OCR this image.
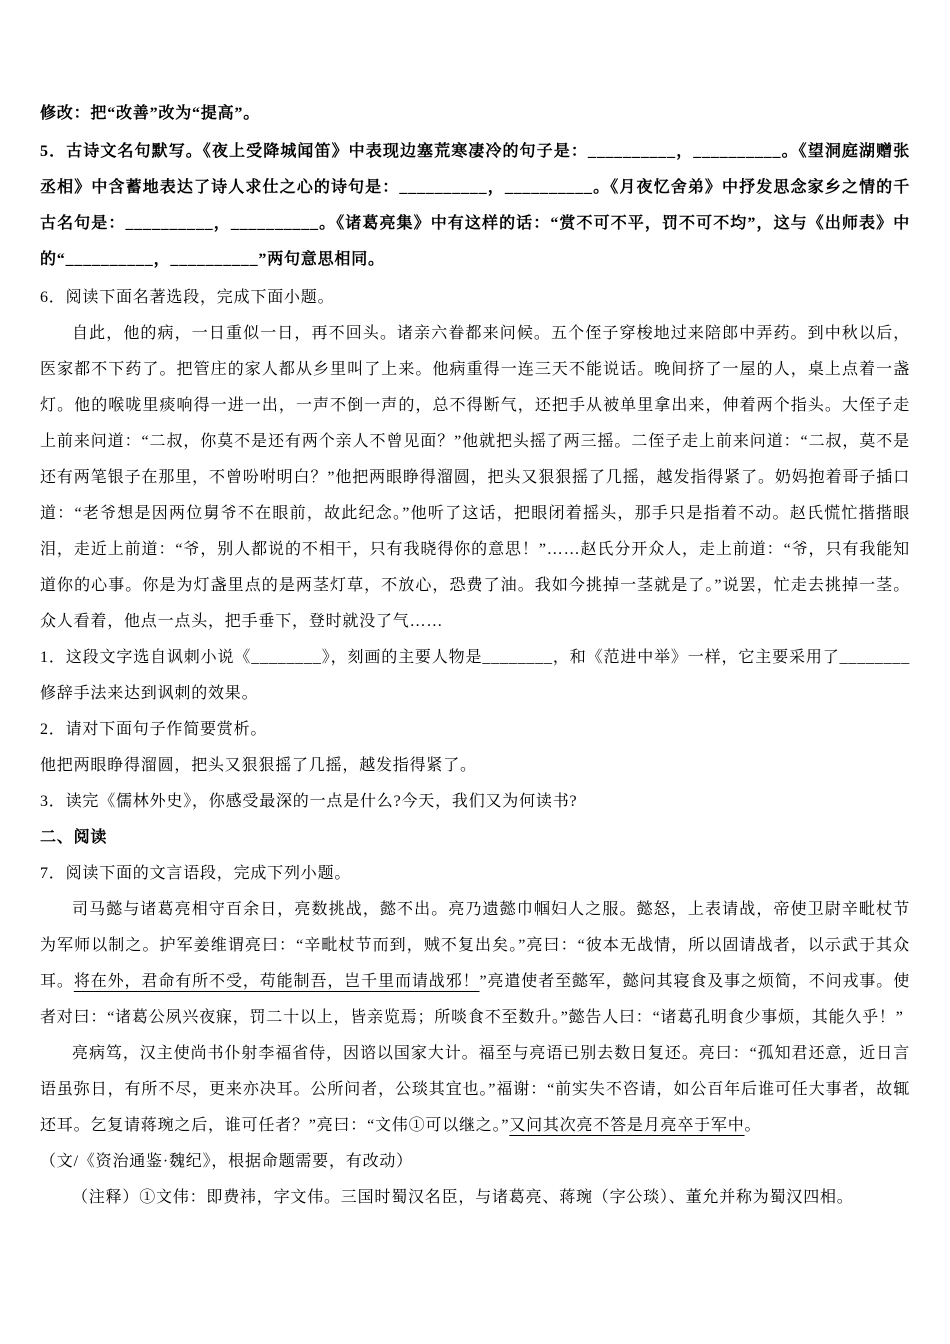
修改：把“改善”改为“提高”。

5．古诗文名句默写。《夜上受降城闻笛》中表现边塞荒寒凄冷的句子是：__________，__________。《望洞庭湖赠张丞相》中含蓄地表达了诗人求仕之心的诗句是：__________，__________。《月夜忆舍弟》中抒发思念家乡之情的千古名句是：__________，__________。《诸葛亮集》中有这样的话：“赏不可不平，罚不可不均”，这与《出师表》中的“__________，__________”两句意思相同。

6．阅读下面名著选段，完成下面小题。

自此，他的病，一日重似一日，再不回头。诸亲六眷都来问候。五个侄子穿梭地过来陪郎中弄药。到中秋以后，医家都不下药了。把管庄的家人都从乡里叫了上来。他病重得一连三天不能说话。晚间挤了一屋的人，桌上点着一盏灯。他的喉咙里痰响得一进一出，一声不倒一声的，总不得断气，还把手从被单里拿出来，伸着两个指头。大侄子走上前来问道：“二叔，你莫不是还有两个亲人不曾见面？”他就把头摇了两三摇。二侄子走上前来问道：“二叔，莫不是还有两笔银子在那里，不曾吩咐明白？”他把两眼睁得溜圆，把头又狠狠摇了几摇，越发指得紧了。奶妈抱着哥子插口道：“老爷想是因两位舅爷不在眼前，故此纪念。”他听了这话，把眼闭着摇头，那手只是指着不动。赵氏慌忙揩揩眼泪，走近上前道：“爷，别人都说的不相干，只有我晓得你的意思！”……赵氏分开众人，走上前道：“爷，只有我能知道你的心事。你是为灯盏里点的是两茎灯草，不放心，恐费了油。我如今挑掉一茎就是了。”说罢，忙走去挑掉一茎。众人看着，他点一点头，把手垂下，登时就没了气……

1．这段文字选自讽刺小说《________》，刻画的主要人物是________，和《范进中举》一样，它主要采用了________修辞手法来达到讽刺的效果。

2．请对下面句子作简要赏析。

他把两眼睁得溜圆，把头又狠狠摇了几摇，越发指得紧了。

3．读完《儒林外史》，你感受最深的一点是什么?今天，我们又为何读书?

二、阅读

7．阅读下面的文言语段，完成下列小题。

司马懿与诸葛亮相守百余日，亮数挑战，懿不出。亮乃遗懿巾帼妇人之服。懿怒，上表请战，帝使卫尉辛毗杖节为军师以制之。护军姜维谓亮曰：“辛毗杖节而到，贼不复出矣。”亮曰：“彼本无战情，所以固请战者，以示武于其众耳。将在外，君命有所不受，苟能制吾，岂千里而请战邪！”亮遣使者至懿军，懿问其寝食及事之烦简，不问戎事。使者对曰：“诸葛公夙兴夜寐，罚二十以上，皆亲览焉；所啖食不至数升。”懿告人曰：“诸葛孔明食少事烦，其能久乎！”

亮病笃，汉主使尚书仆射李福省侍，因谘以国家大计。福至与亮语已别去数日复还。亮曰：“孤知君还意，近日言语虽弥日，有所不尽，更来亦决耳。公所问者，公琰其宜也。”福谢：“前实失不咨请，如公百年后谁可任大事者，故辄还耳。乞复请蒋琬之后，谁可任者？”亮曰：“文伟①可以继之。”又问其次亮不答是月亮卒于军中。

（文/《资治通鉴·魏纪》，根据命题需要，有改动）

（注释）①文伟：即费祎，字文伟。三国时蜀汉名臣，与诸葛亮、蒋琬（字公琰）、董允并称为蜀汉四相。
